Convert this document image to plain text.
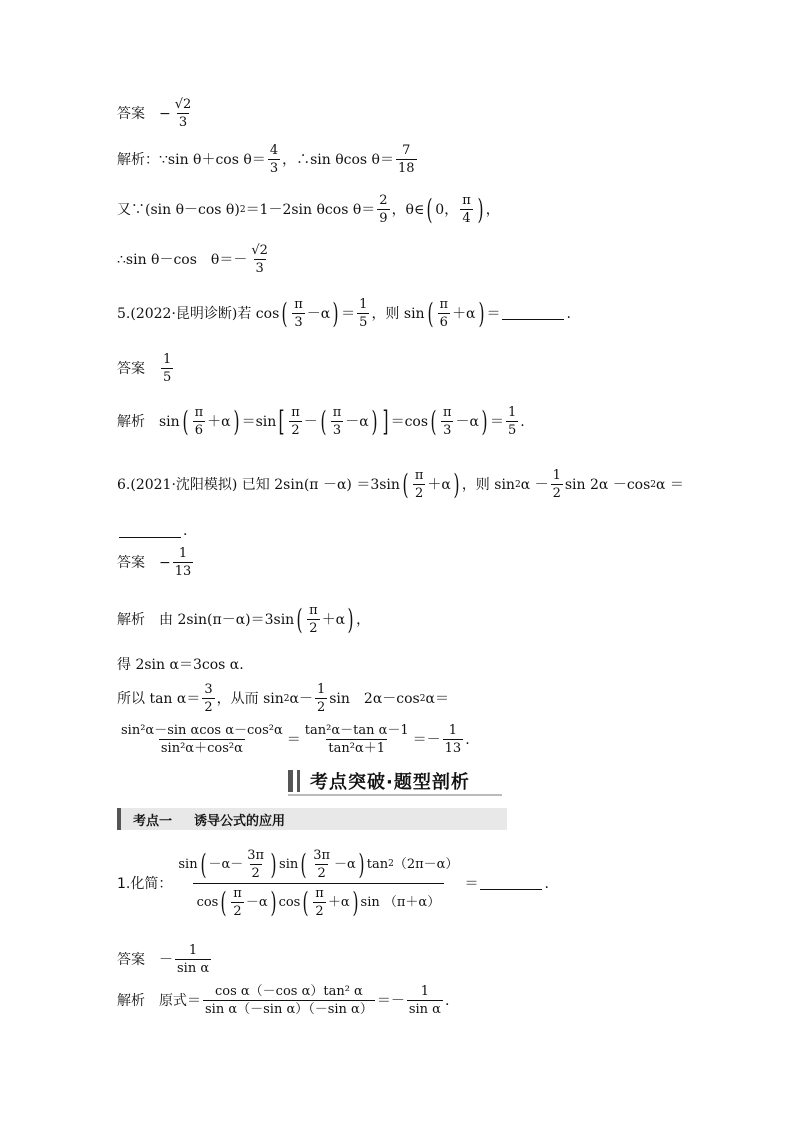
答案 − $\frac{√2}{3}$
解析： ∵sin θ＋cos $\theta= \frac{4}{3}$ ，∴sin θcos $\theta= \frac{7}{18}$
又∵(sin θ－cos θ) 2 ＝1－2sin θcos $\theta= \frac{2}{9}$ ，θ∈ ( 0， $\frac{\pi}{4}$ ) ，
∴sin θ－cos　$\theta=- \frac{√2}{3}$
5.(2022·昆明诊断)若 cos ( $\frac{\pi}{3} -\alpha$ ) ＝ $\frac{1}{5}$ ，则 sin ( $\frac{\pi}{6} +\alpha$ ) ＝	.
答案 $\frac{1}{5}$
解析 sin ( $\frac{\pi}{6} +\alpha$ ) ＝sin [ $\frac{\pi}{2}$ － ( $\frac{\pi}{3} -\alpha$ ) ] ＝cos ( $\frac{\pi}{3} -\alpha$ ) ＝ $\frac{1}{5}$ .
6.(2021·沈阳模拟) 已知 2sin(π －α) ＝3sin ( $\frac{\pi}{2} +\alpha$ ) ，则 sin 2 $\alpha - \frac{1}{2}$ sin 2α －cos 2 α ＝
.
答案 − $\frac{1}{13}$
解析 由 2sin(π－α)＝3sin ( $\frac{\pi}{2} +\alpha$ ) ，
得 2sin α＝3cos α.
所以 $\tan \alpha= \frac{3}{2}$ ，从而 sin 2 $\alpha- \frac{1}{2}$ sin　2α－cos 2 α＝
$\frac{\text{sin²α－sin αcos α－cos²α}}{\text{sin²α＋cos²α}} = \frac{\text{tan²α－tan α－1}}{\text{tan²α＋1}} =- \frac{1}{13}$ .
考点突破·题型剖析
考点一 诱导公式的应用
1.化简：
sin ( $-\alpha- \frac{3\pi}{2}$ ) sin ( $\frac{3\pi}{2} -\alpha$ ) tan 2 （2π－α）
cos ( $\frac{\pi}{2} -\alpha$ ) cos ( $\frac{\pi}{2} +\alpha$ ) sin （π＋α）
＝	.
答案 － $\frac{1}{\text{sin α}}$
解析 原式＝ $\frac{\text{cos α（－cos α）tan² α}}{\text{sin α（－sin α）（－sin α）}} =- \frac{1}{\text{sin α}}$ .
